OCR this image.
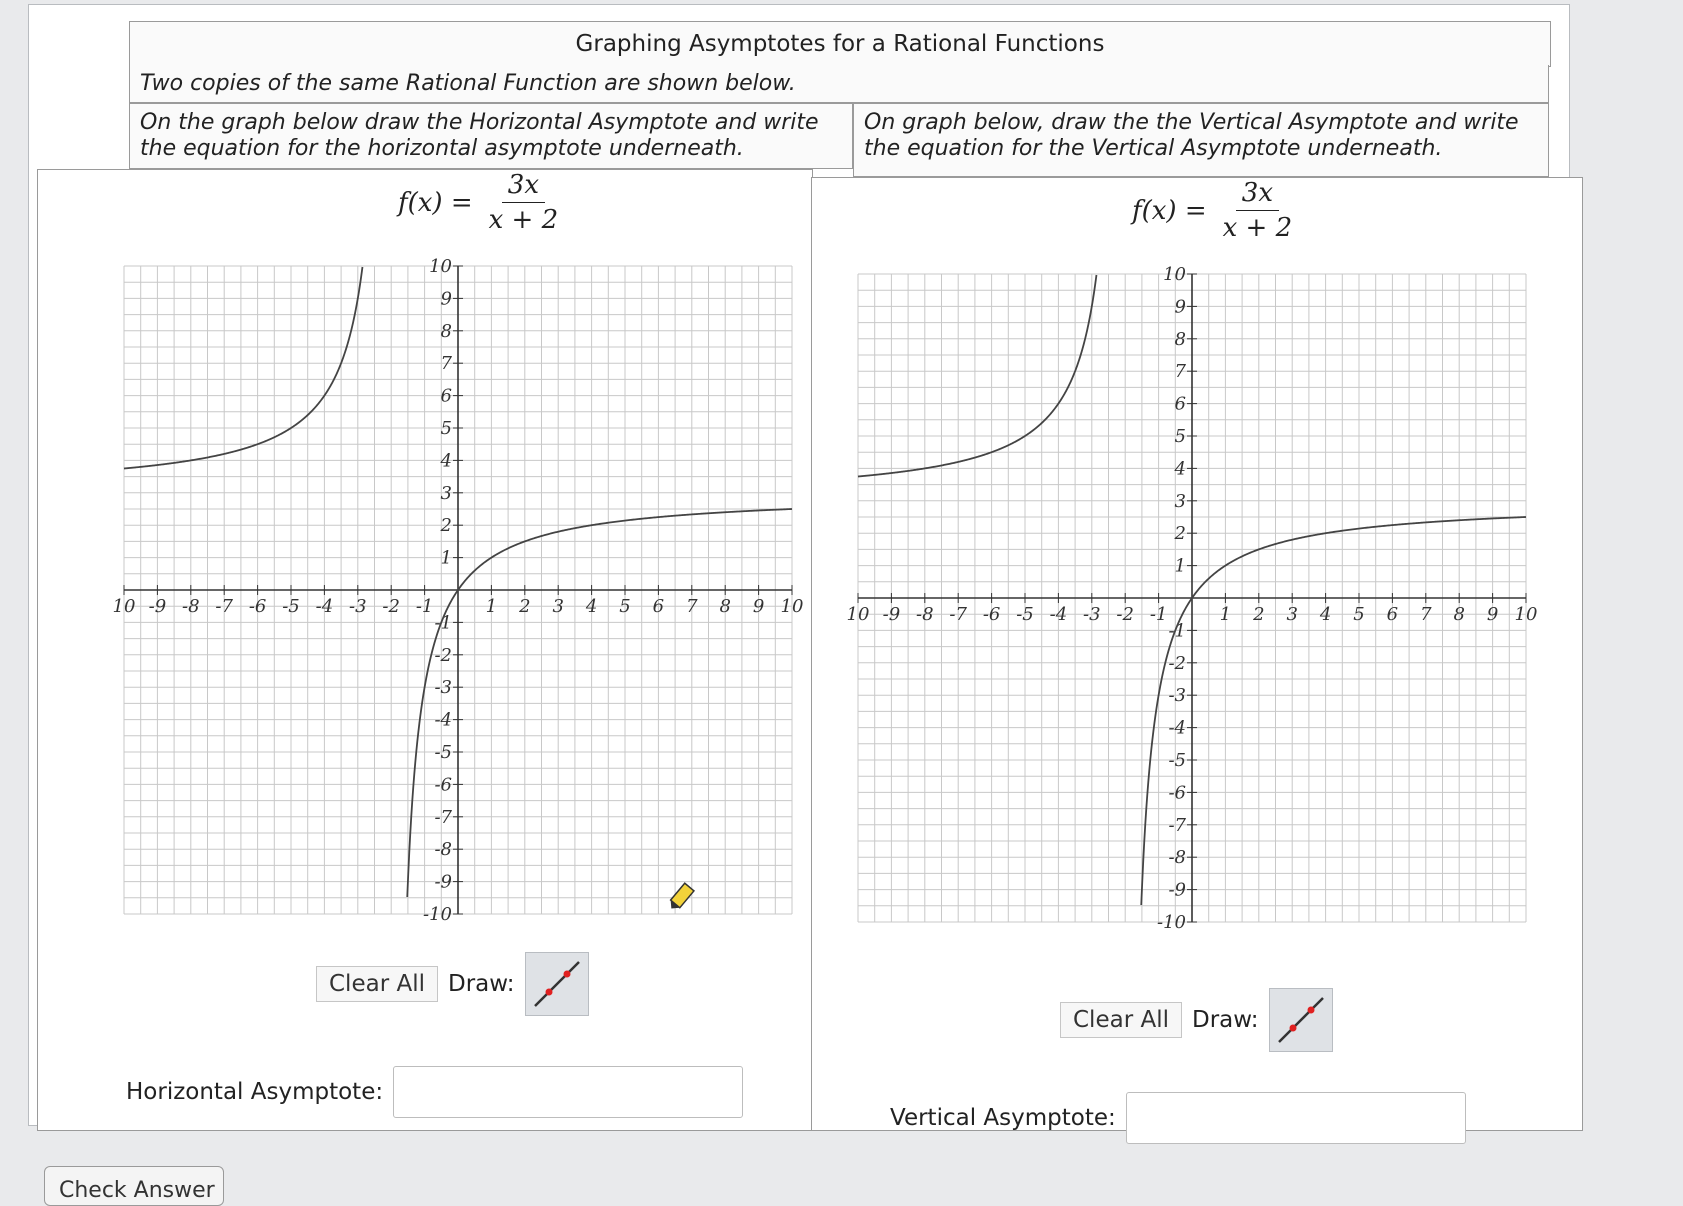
Graphing Asymptotes for a Rational Functions
Two copies of the same Rational Function are shown below.
On the graph below draw the Horizontal Asymptote and write the equation for the horizontal asymptote underneath.
On graph below, draw the the Vertical Asymptote and write the equation for the Vertical Asymptote underneath.
$f(x) = \frac{3x}{x + 2}$
10 -9 -8 -7 -6 -5 -4 -3 -2 -1	1 2 3 4 5 6 7 8 9 10
10
9
8
7
6
5
4
3
2
1
-1
-2
-3
-4
-5
-6
-7
-8
-9
-10
Clear All	Draw:
Horizontal Asymptote:
$f(x) = \frac{3x}{x + 2}$
10 -9 -8 -7 -6 -5 -4 -3 -2 -1	1 2 3 4 5 6 7 8 9 10
10
9
8
7
6
5
4
3
2
1
-1
-2
-3
-4
-5
-6
-7
-8
-9
-10
Clear All	Draw:
Vertical Asymptote:
Check Answer
